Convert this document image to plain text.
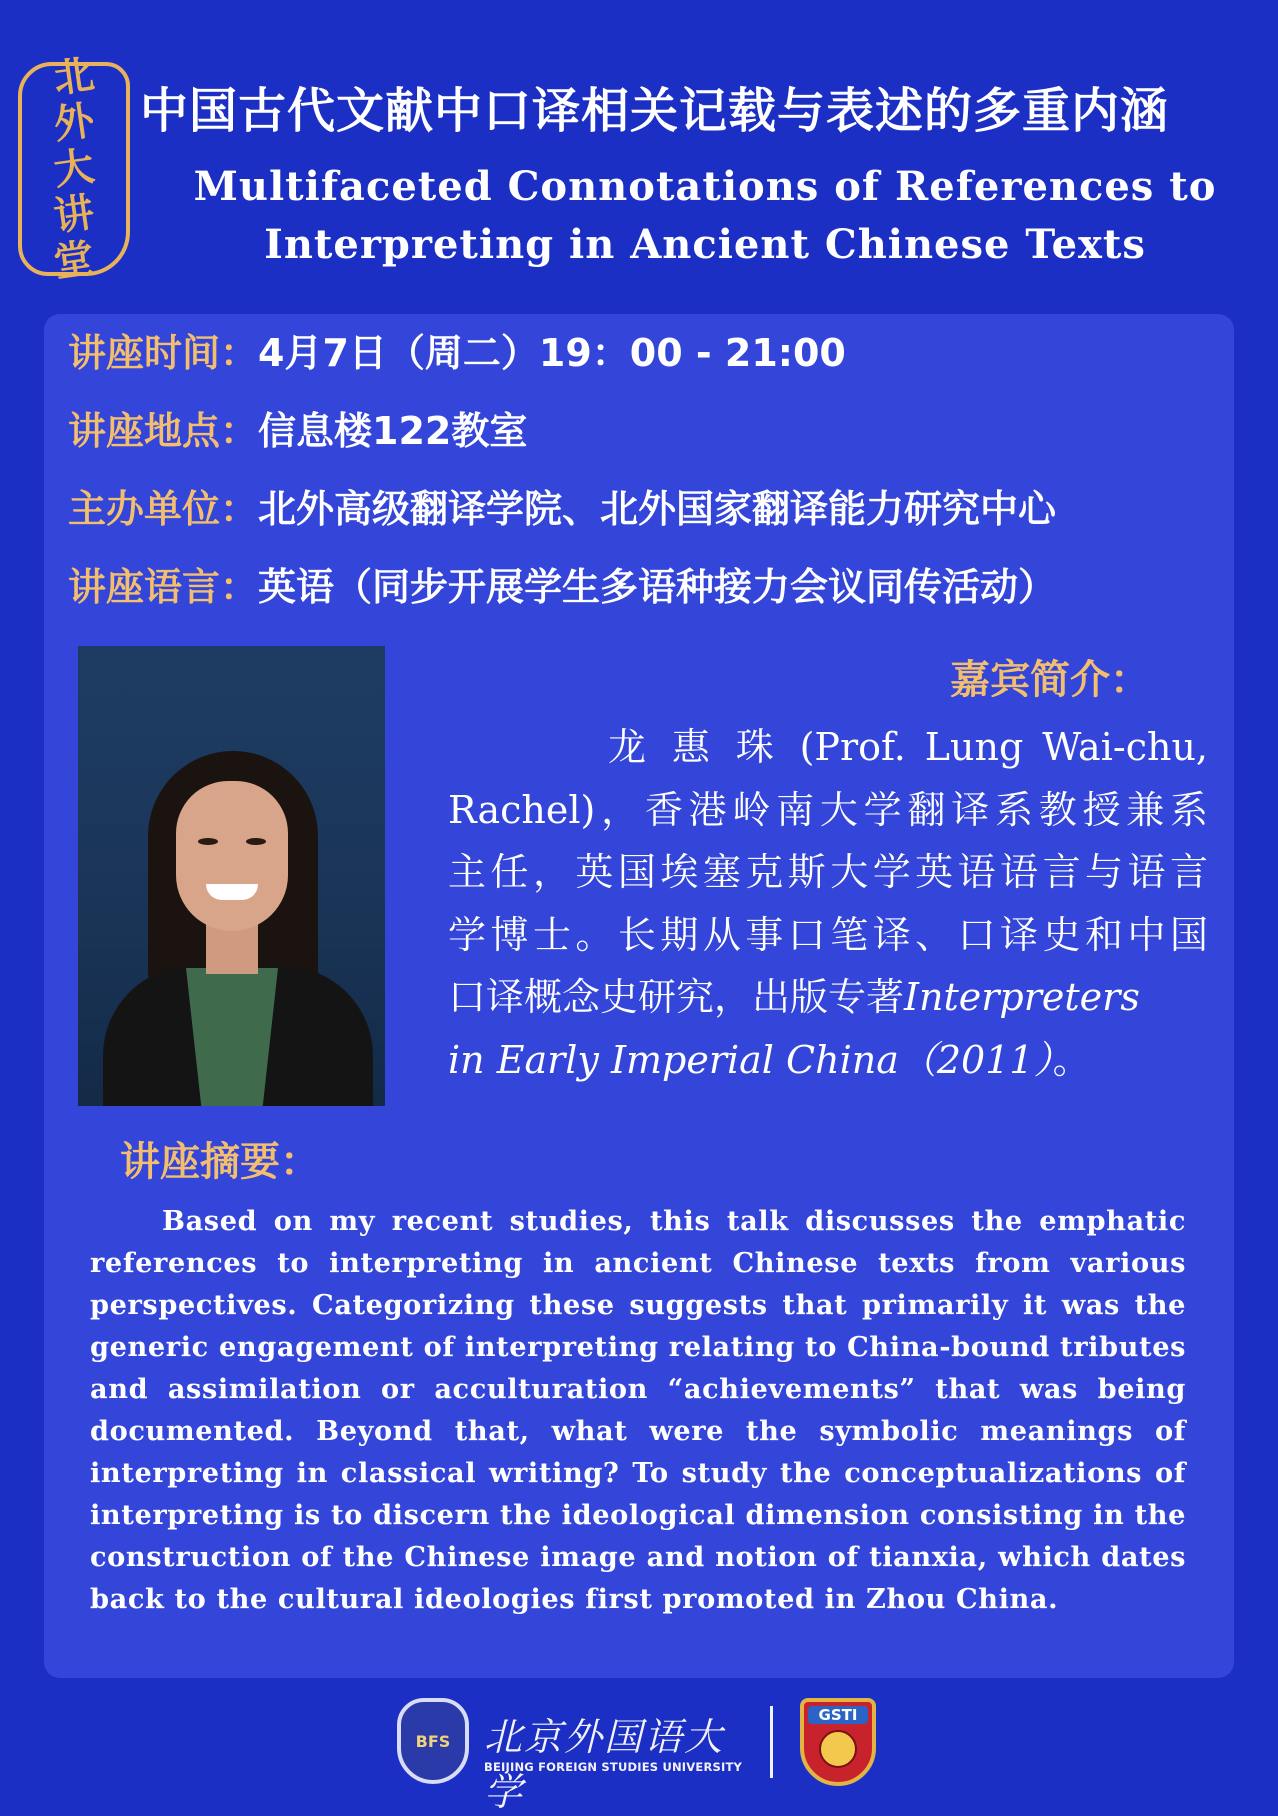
北
外
大
讲
堂
中国古代文献中口译相关记载与表述的多重内涵
Multifaceted Connotations of References to
Interpreting in Ancient Chinese Texts
讲座时间：4月7日（周二）19：00 - 21:00
讲座地点：信息楼122教室
主办单位：北外高级翻译学院、北外国家翻译能力研究中心
讲座语言：英语（同步开展学生多语种接力会议同传活动）
嘉宾简介：
龙 惠 珠 (Prof. Lung Wai-chu,
Rachel)，香港岭南大学翻译系教授兼系
主任，英国埃塞克斯大学英语语言与语言
学博士。长期从事口笔译、口译史和中国
口译概念史研究，出版专著Interpreters
in Early Imperial China（2011）。
讲座摘要：
Based on my recent studies, this talk discusses the emphatic references to interpreting in ancient Chinese texts from various perspectives. Categorizing these suggests that primarily it was the generic engagement of interpreting relating to China-bound tributes and assimilation or acculturation “achievements” that was being documented. Beyond that, what were the symbolic meanings of interpreting in classical writing? To study the conceptualizations of interpreting is to discern the ideological dimension consisting in the construction of the Chinese image and notion of tianxia, which dates back to the cultural ideologies first promoted in Zhou China.
BFS 北京外国语大学
BEIJING FOREIGN STUDIES UNIVERSITY
GSTI
